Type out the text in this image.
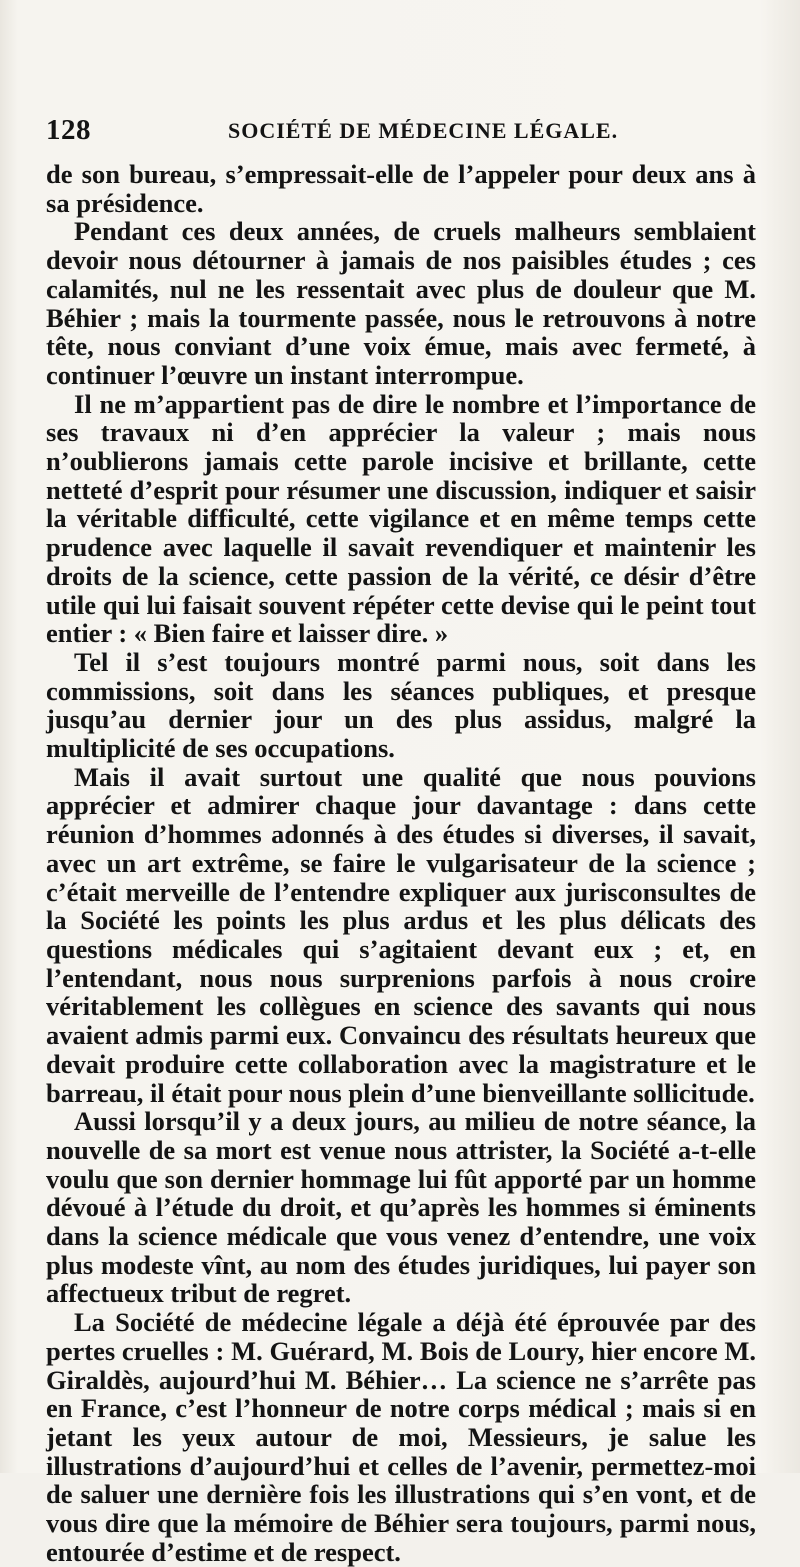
128	SOCIÉTÉ DE MÉDECINE LÉGALE.

de son bureau, s’empressait-elle de l’appeler pour deux ans à sa présidence.

Pendant ces deux années, de cruels malheurs semblaient devoir nous détourner à jamais de nos paisibles études ; ces calamités, nul ne les ressentait avec plus de douleur que M. Béhier ; mais la tourmente passée, nous le retrouvons à notre tête, nous conviant d’une voix émue, mais avec fermeté, à continuer l’œuvre un instant interrompue.

Il ne m’appartient pas de dire le nombre et l’importance de ses travaux ni d’en apprécier la valeur ; mais nous n’oublierons jamais cette parole incisive et brillante, cette netteté d’esprit pour résumer une discussion, indiquer et saisir la véritable difficulté, cette vigilance et en même temps cette prudence avec laquelle il savait revendiquer et maintenir les droits de la science, cette passion de la vérité, ce désir d’être utile qui lui faisait souvent répéter cette devise qui le peint tout entier : « Bien faire et laisser dire. »

Tel il s’est toujours montré parmi nous, soit dans les commissions, soit dans les séances publiques, et presque jusqu’au dernier jour un des plus assidus, malgré la multiplicité de ses occupations.

Mais il avait surtout une qualité que nous pouvions apprécier et admirer chaque jour davantage : dans cette réunion d’hommes adonnés à des études si diverses, il savait, avec un art extrême, se faire le vulgarisateur de la science ; c’était merveille de l’entendre expliquer aux jurisconsultes de la Société les points les plus ardus et les plus délicats des questions médicales qui s’agitaient devant eux ; et, en l’entendant, nous nous surprenions parfois à nous croire véritablement les collègues en science des savants qui nous avaient admis parmi eux. Convaincu des résultats heureux que devait produire cette collaboration avec la magistrature et le barreau, il était pour nous plein d’une bienveillante sollicitude.

Aussi lorsqu’il y a deux jours, au milieu de notre séance, la nouvelle de sa mort est venue nous attrister, la Société a-t-elle voulu que son dernier hommage lui fût apporté par un homme dévoué à l’étude du droit, et qu’après les hommes si éminents dans la science médicale que vous venez d’entendre, une voix plus modeste vînt, au nom des études juridiques, lui payer son affectueux tribut de regret.

La Société de médecine légale a déjà été éprouvée par des pertes cruelles : M. Guérard, M. Bois de Loury, hier encore M. Giraldès, aujourd’hui M. Béhier… La science ne s’arrête pas en France, c’est l’honneur de notre corps médical ; mais si en jetant les yeux autour de moi, Messieurs, je salue les illustrations d’aujourd’hui et celles de l’avenir, permettez-moi de saluer une dernière fois les illustrations qui s’en vont, et de vous dire que la mémoire de Béhier sera toujours, parmi nous, entourée d’estime et de respect.
